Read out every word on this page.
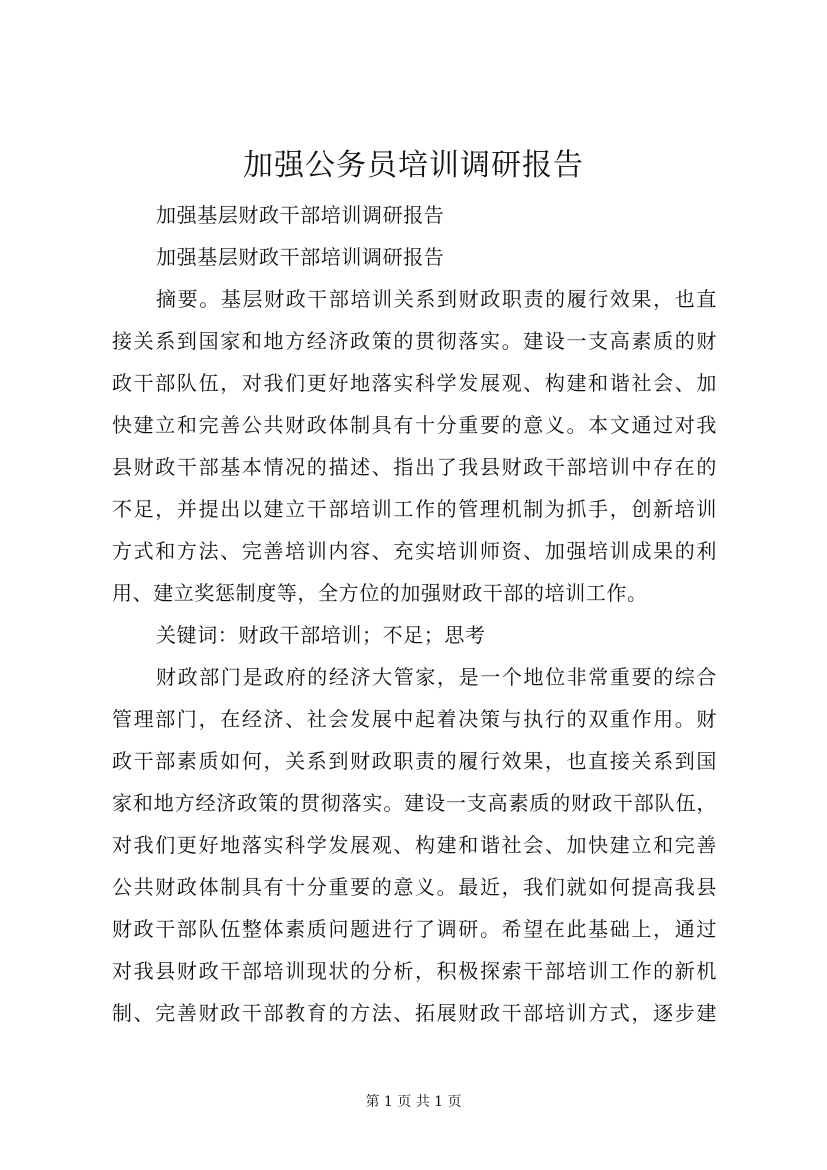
加强公务员培训调研报告
加强基层财政干部培训调研报告
加强基层财政干部培训调研报告
摘要。基层财政干部培训关系到财政职责的履行效果，也直
接关系到国家和地方经济政策的贯彻落实。建设一支高素质的财
政干部队伍，对我们更好地落实科学发展观、构建和谐社会、加
快建立和完善公共财政体制具有十分重要的意义。本文通过对我
县财政干部基本情况的描述、指出了我县财政干部培训中存在的
不足，并提出以建立干部培训工作的管理机制为抓手，创新培训
方式和方法、完善培训内容、充实培训师资、加强培训成果的利
用、建立奖惩制度等，全方位的加强财政干部的培训工作。
关键词：财政干部培训；不足；思考
财政部门是政府的经济大管家，是一个地位非常重要的综合
管理部门，在经济、社会发展中起着决策与执行的双重作用。财
政干部素质如何，关系到财政职责的履行效果，也直接关系到国
家和地方经济政策的贯彻落实。建设一支高素质的财政干部队伍，
对我们更好地落实科学发展观、构建和谐社会、加快建立和完善
公共财政体制具有十分重要的意义。最近，我们就如何提高我县
财政干部队伍整体素质问题进行了调研。希望在此基础上，通过
对我县财政干部培训现状的分析，积极探索干部培训工作的新机
制、完善财政干部教育的方法、拓展财政干部培训方式，逐步建
第 1 页 共 1 页
